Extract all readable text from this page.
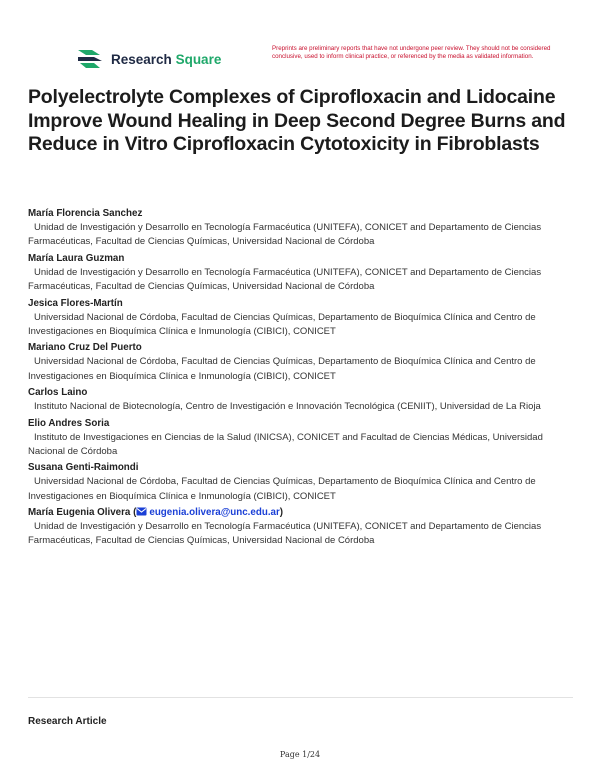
Research Square
Preprints are preliminary reports that have not undergone peer review. They should not be considered conclusive, used to inform clinical practice, or referenced by the media as validated information.
Polyelectrolyte Complexes of Ciprofloxacin and Lidocaine Improve Wound Healing in Deep Second Degree Burns and Reduce in Vitro Ciprofloxacin Cytotoxicity in Fibroblasts
María Florencia Sanchez
Unidad de Investigación y Desarrollo en Tecnología Farmacéutica (UNITEFA), CONICET and Departamento de Ciencias Farmacéuticas, Facultad de Ciencias Químicas, Universidad Nacional de Córdoba
María Laura Guzman
Unidad de Investigación y Desarrollo en Tecnología Farmacéutica (UNITEFA), CONICET and Departamento de Ciencias Farmacéuticas, Facultad de Ciencias Químicas, Universidad Nacional de Córdoba
Jesica Flores-Martín
Universidad Nacional de Córdoba, Facultad de Ciencias Químicas, Departamento de Bioquímica Clínica and Centro de Investigaciones en Bioquímica Clínica e Inmunología (CIBICI), CONICET
Mariano Cruz Del Puerto
Universidad Nacional de Córdoba, Facultad de Ciencias Químicas, Departamento de Bioquímica Clínica and Centro de Investigaciones en Bioquímica Clínica e Inmunología (CIBICI), CONICET
Carlos Laino
Instituto Nacional de Biotecnología, Centro de Investigación e Innovación Tecnológica (CENIIT), Universidad de La Rioja
Elio Andres Soria
Instituto de Investigaciones en Ciencias de la Salud (INICSA), CONICET and Facultad de Ciencias Médicas, Universidad Nacional de Córdoba
Susana Genti-Raimondi
Universidad Nacional de Córdoba, Facultad de Ciencias Químicas, Departamento de Bioquímica Clínica and Centro de Investigaciones en Bioquímica Clínica e Inmunología (CIBICI), CONICET
María Eugenia Olivera ( eugenia.olivera@unc.edu.ar)
Unidad de Investigación y Desarrollo en Tecnología Farmacéutica (UNITEFA), CONICET and Departamento de Ciencias Farmacéuticas, Facultad de Ciencias Químicas, Universidad Nacional de Córdoba
Research Article
Page 1/24
